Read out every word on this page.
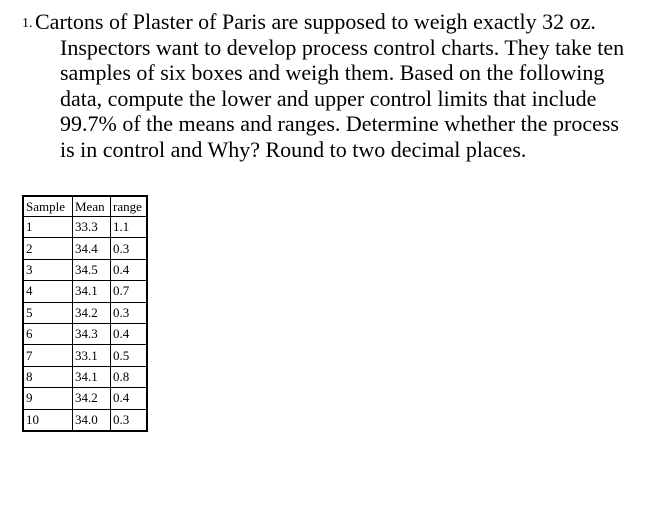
1. Cartons of Plaster of Paris are supposed to weigh exactly 32 oz.
Inspectors want to develop process control charts. They take ten
samples of six boxes and weigh them. Based on the following
data, compute the lower and upper control limits that include
99.7% of the means and ranges. Determine whether the process
is in control and Why? Round to two decimal places.
Sample	Mean	range
1	33.3	1.1
2	34.4	0.3
3	34.5	0.4
4	34.1	0.7
5	34.2	0.3
6	34.3	0.4
7	33.1	0.5
8	34.1	0.8
9	34.2	0.4
10	34.0	0.3
